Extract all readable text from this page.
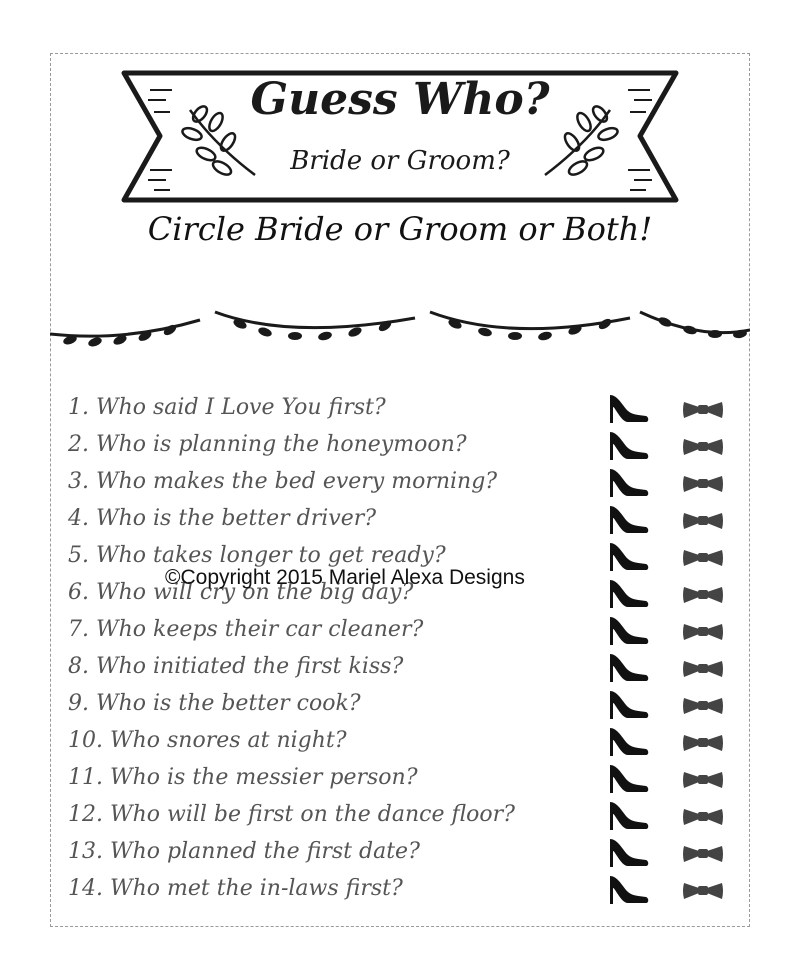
Guess Who?
Bride or Groom?
Circle Bride or Groom or Both!
1. Who said I Love You first?
2. Who is planning the honeymoon?
3. Who makes the bed every morning?
4. Who is the better driver?
5. Who takes longer to get ready?
6. Who will cry on the big day?
7. Who keeps their car cleaner?
8. Who initiated the first kiss?
9. Who is the better cook?
10. Who snores at night?
11. Who is the messier person?
12. Who will be first on the dance floor?
13. Who planned the first date?
14. Who met the in-laws first?
©Copyright 2015 Mariel Alexa Designs
